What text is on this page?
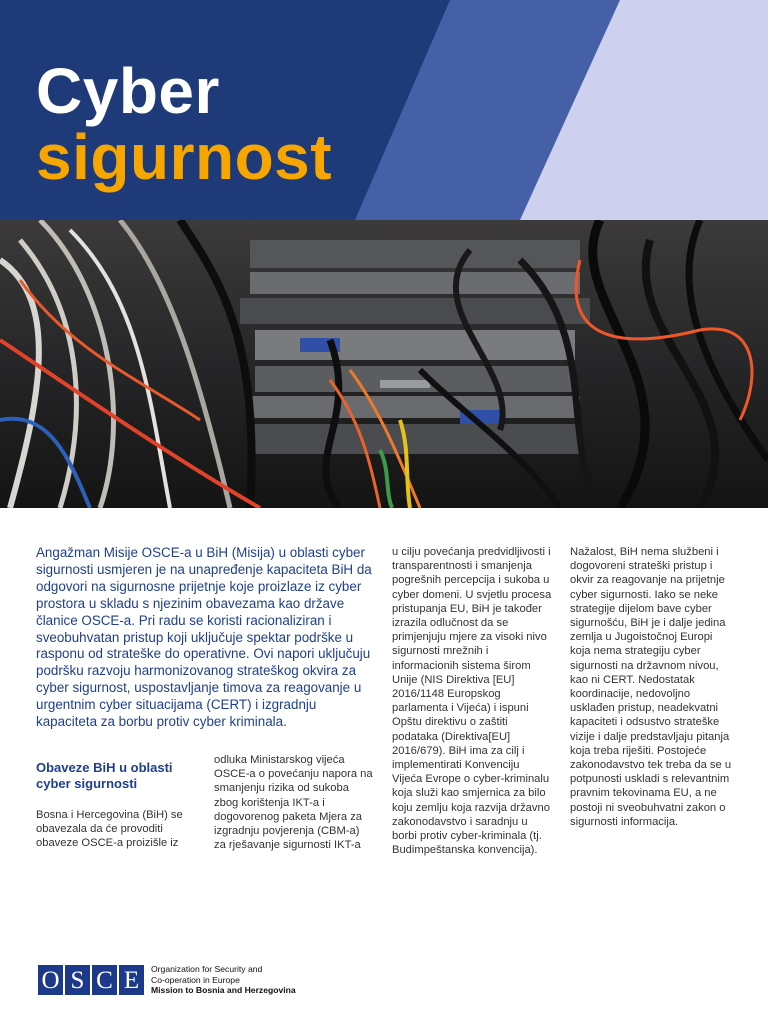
Cyber
sigurnost

Angažman Misije OSCE-a u BiH (Misija) u oblasti cyber sigurnosti usmjeren je na unapređenje kapaciteta BiH da odgovori na sigurnosne prijetnje koje proizlaze iz cyber prostora u skladu s njezinim obavezama kao države članice OSCE-a. Pri radu se koristi racionaliziran i sveobuhvatan pristup koji uključuje spektar podrške u rasponu od strateške do operativne. Ovi napori uključuju podršku razvoju harmonizovanog strateškog okvira za cyber sigurnost, uspostavljanje timova za reagovanje u urgentnim cyber situacijama (CERT) i izgradnju kapaciteta za borbu protiv cyber kriminala.

Obaveze BiH u oblasti cyber sigurnosti

Bosna i Hercegovina (BiH) se obavezala da će provoditi obaveze OSCE-a proizišle iz

odluka Ministarskog vijeća OSCE-a o povećanju napora na smanjenju rizika od sukoba zbog korištenja IKT-a i dogovorenog paketa Mjera za izgradnju povjerenja (CBM-a) za rješavanje sigurnosti IKT-a

u cilju povećanja predvidljivosti i transparentnosti i smanjenja pogrešnih percepcija i sukoba u cyber domeni. U svjetlu procesa pristupanja EU, BiH je također izrazila odlučnost da se primjenjuju mjere za visoki nivo sigurnosti mrežnih i informacionih sistema širom Unije (NIS Direktiva [EU] 2016/1148 Europskog parlamenta i Vijeća) i ispuni Opštu direktivu o zaštiti podataka (Direktiva[EU] 2016/679). BiH ima za cilj i implementirati Konvenciju Vijeća Evrope o cyber-kriminalu koja služi kao smjernica za bilo koju zemlju koja razvija državno zakonodavstvo i saradnju u borbi protiv cyber-kriminala (tj. Budimpeštanska konvencija).

Nažalost, BiH nema službeni i dogovoreni strateški pristup i okvir za reagovanje na prijetnje cyber sigurnosti. Iako se neke strategije dijelom bave cyber sigurnošću, BiH je i dalje jedina zemlja u Jugoistočnoj Europi koja nema strategiju cyber sigurnosti na državnom nivou, kao ni CERT. Nedostatak koordinacije, nedovoljno usklađen pristup, neadekvatni kapaciteti i odsustvo strateške vizije i dalje predstavljaju pitanja koja treba riješiti. Postojeće zakonodavstvo tek treba da se u potpunosti uskladi s relevantnim pravnim tekovinama EU, a ne postoji ni sveobuhvatni zakon o sigurnosti informacija.

O S C E	Organization for Security and
Co-operation in Europe
Mission to Bosnia and Herzegovina
